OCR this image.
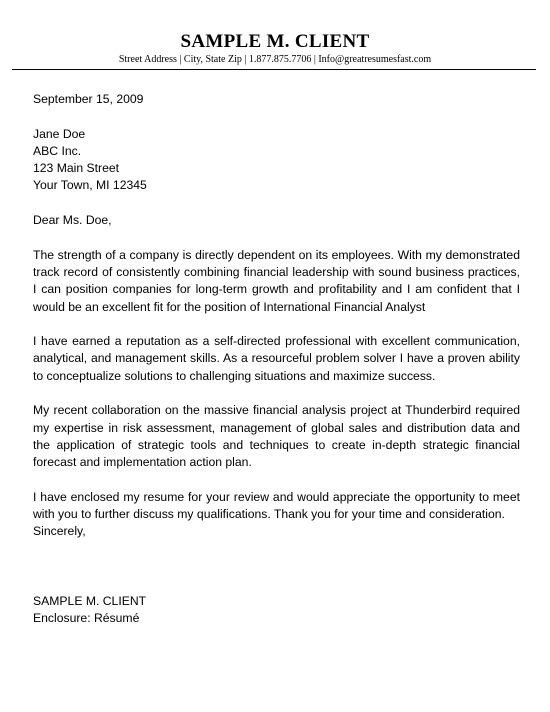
SAMPLE M. CLIENT

Street Address | City, State Zip | 1.877.875.7706 | Info@greatresumesfast.com

September 15, 2009

Jane Doe
ABC Inc.
123 Main Street
Your Town, MI 12345

Dear Ms. Doe,

The strength of a company is directly dependent on its employees. With my demonstrated track record of consistently combining financial leadership with sound business practices, I can position companies for long-term growth and profitability and I am confident that I would be an excellent fit for the position of International Financial Analyst

I have earned a reputation as a self-directed professional with excellent communication, analytical, and management skills. As a resourceful problem solver I have a proven ability to conceptualize solutions to challenging situations and maximize success.

My recent collaboration on the massive financial analysis project at Thunderbird required my expertise in risk assessment, management of global sales and distribution data and the application of strategic tools and techniques to create in-depth strategic financial forecast and implementation action plan.

I have enclosed my resume for your review and would appreciate the opportunity to meet with you to further discuss my qualifications. Thank you for your time and consideration.

Sincerely,

SAMPLE M. CLIENT

Enclosure: Résumé
